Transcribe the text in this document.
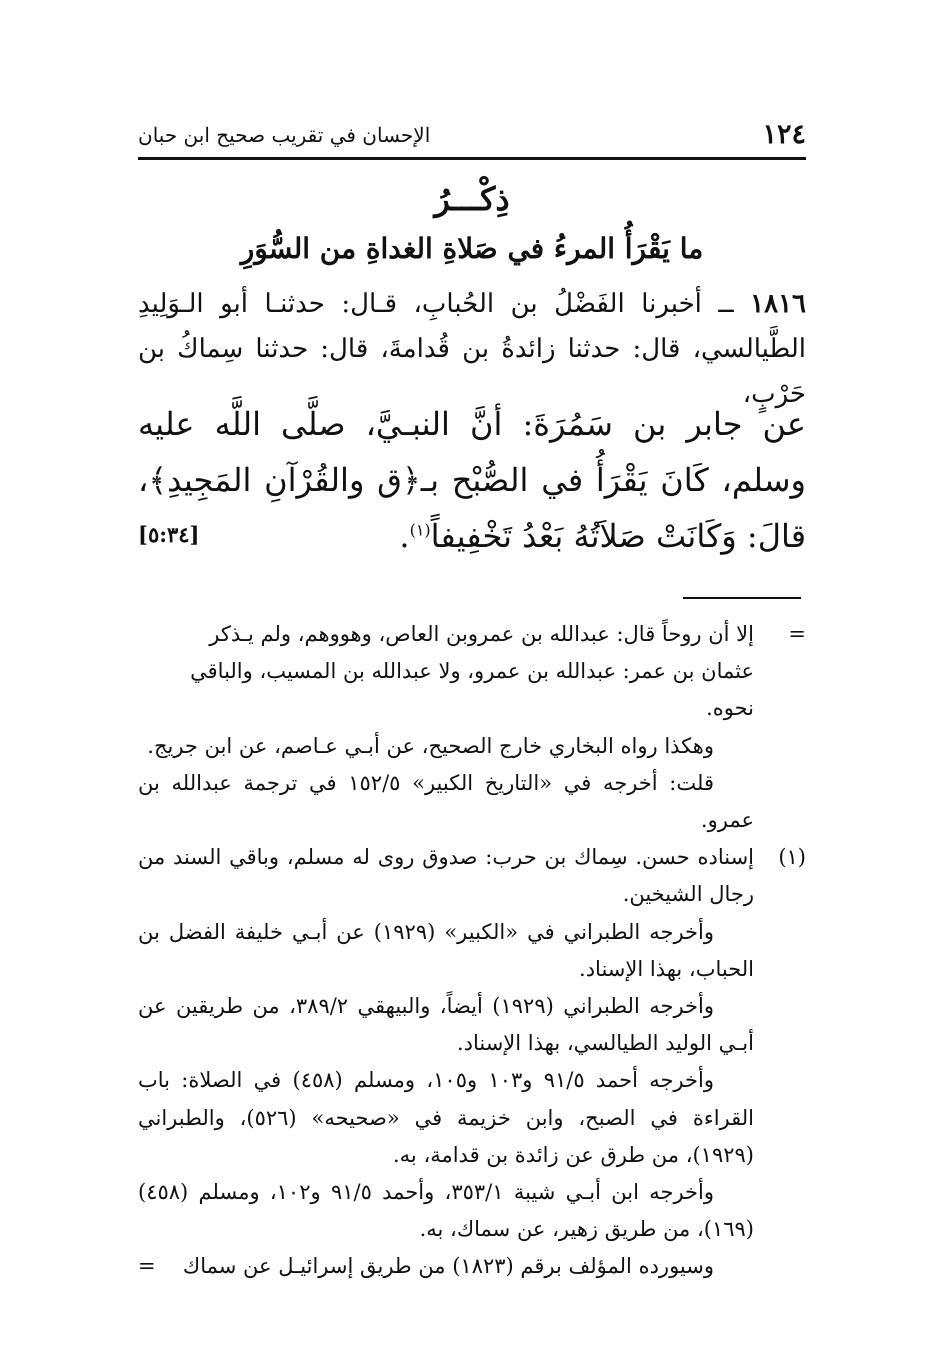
١٢٤
الإحسان في تقريب صحيح ابن حبان
ذِكْـــرُ
ما يَقْرَأُ المرءُ في صَلاةِ الغداةِ من السُّوَرِ
١٨١٦ ــ أخبرنا الفَضْلُ بن الحُبابِ، قـال: حدثنـا أبو الـوَلِيدِ الطَّيالسي، قال: حدثنا زائدةُ بن قُدامةَ، قال: حدثنا سِماكُ بن حَرْبٍ،
عن جابر بن سَمُرَةَ: أنَّ النبـيَّ، صلَّى اللَّه عليه وسلم، كَانَ يَقْرَأُ في الصُّبْح بـ﴿ق والقُرْآنِ المَجِيدِ﴾، قالَ: وَكَانَتْ صَلاَتُهُ بَعْدُ تَخْفِيفاً$^{(١)}$.
[٥:٣٤]
=
إلا أن روحاً قال: عبدالله بن عمروبن العاص، وهووهم، ولم يـذكر
عثمان بن عمر: عبدالله بن عمرو، ولا عبدالله بن المسيب، والباقي نحوه.
وهكذا رواه البخاري خارج الصحيح، عن أبـي عـاصم، عن ابن جريج.
قلت: أخرجه في «التاريخ الكبير» ١٥٢/٥ في ترجمة عبدالله بن عمرو.
(١)
إسناده حسن. سِماك بن حرب: صدوق روى له مسلم، وباقي السند من رجال الشيخين.
وأخرجه الطبراني في «الكبير» (١٩٢٩) عن أبـي خليفة الفضل بن الحباب، بهذا الإسناد.
وأخرجه الطبراني (١٩٢٩) أيضاً، والبيهقي ٣٨٩/٢، من طريقين عن أبـي الوليد الطيالسي، بهذا الإسناد.
وأخرجه أحمد ٩١/٥ و١٠٣ و١٠٥، ومسلم (٤٥٨) في الصلاة: باب القراءة في الصبح، وابن خزيمة في «صحيحه» (٥٢٦)، والطبراني (١٩٢٩)، من طرق عن زائدة بن قدامة، به.
وأخرجه ابن أبـي شيبة ٣٥٣/١، وأحمد ٩١/٥ و١٠٢، ومسلم (٤٥٨)(١٦٩)، من طريق زهير، عن سماك، به.
وسيورده المؤلف برقم (١٨٢٣) من طريق إسرائيـل عن سماك
=
